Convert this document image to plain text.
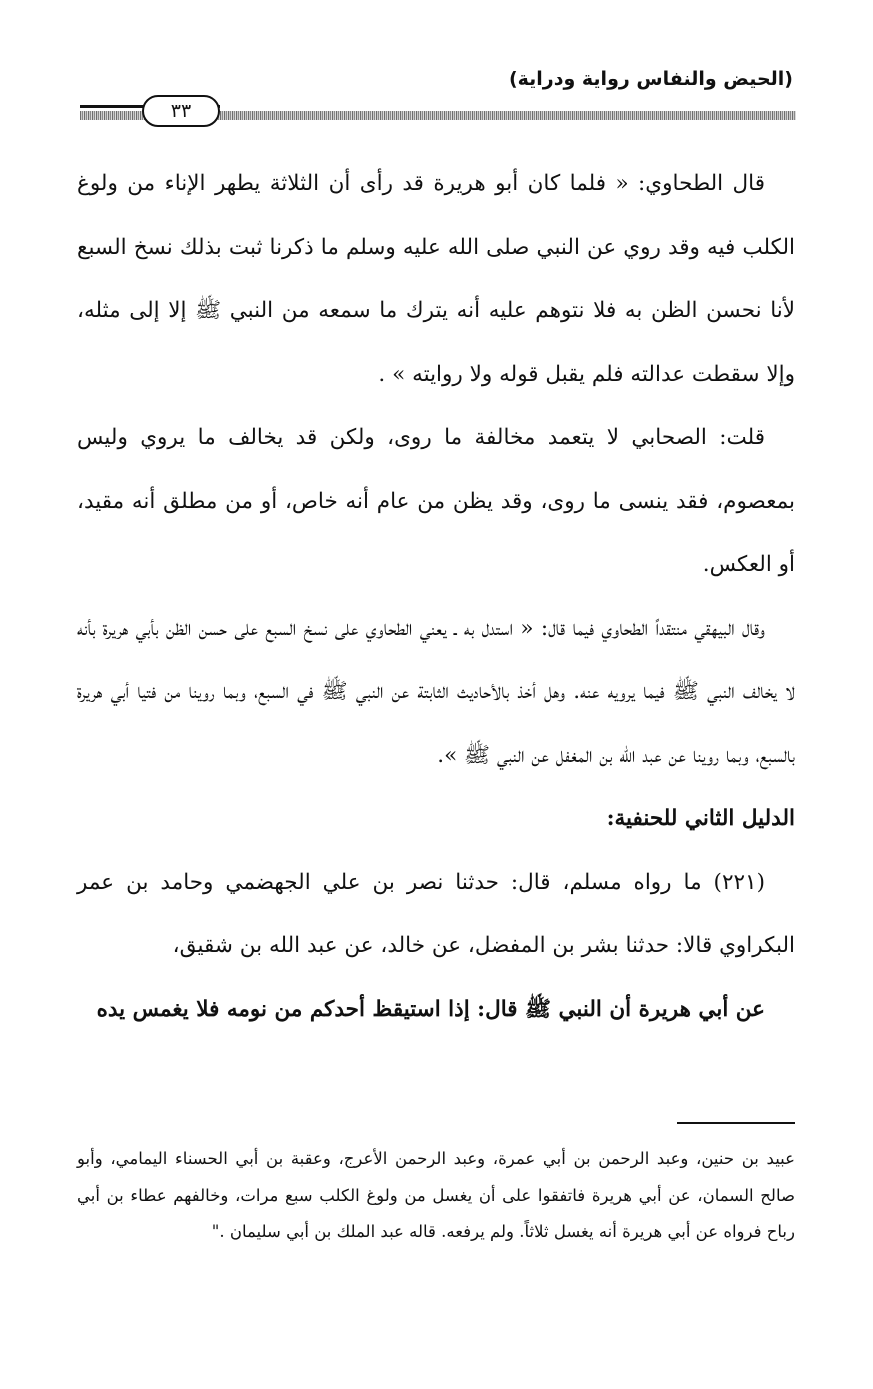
(الحيض والنفاس رواية ودراية)
٣٣

قال الطحاوي: « فلما كان أبو هريرة قد رأى أن الثلاثة يطهر الإناء من ولوغ الكلب فيه وقد روي عن النبي صلى الله عليه وسلم ما ذكرنا ثبت بذلك نسخ السبع لأنا نحسن الظن به فلا نتوهم عليه أنه يترك ما سمعه من النبي ﷺ إلا إلى مثله، وإلا سقطت عدالته فلم يقبل قوله ولا روايته » .

قلت: الصحابي لا يتعمد مخالفة ما روى، ولكن قد يخالف ما يروي وليس بمعصوم، فقد ينسى ما روى، وقد يظن من عام أنه خاص، أو من مطلق أنه مقيد، أو العكس.

وقال البيهقي منتقداً الطحاوي فيما قال: « استدل به ـ يعني الطحاوي على نسخ السبع على حسن الظن بأبي هريرة بأنه لا يخالف النبي ﷺ فيما يرويه عنه. وهل أخذ بالأحاديث الثابتة عن النبي ﷺ في السبع، وبما روينا من فتيا أبي هريرة بالسبع، وبما روينا عن عبد الله بن المغفل عن النبي ﷺ ».

الدليل الثاني للحنفية:

(٢٢١) ما رواه مسلم، قال: حدثنا نصر بن علي الجهضمي وحامد بن عمر البكراوي قالا: حدثنا بشر بن المفضل، عن خالد، عن عبد الله بن شقيق،

عن أبي هريرة أن النبي ﷺ قال: إذا استيقظ أحدكم من نومه فلا يغمس يده

عبيد بن حنين، وعبد الرحمن بن أبي عمرة، وعبد الرحمن الأعرج، وعقبة بن أبي الحسناء اليمامي، وأبو صالح السمان، عن أبي هريرة فاتفقوا على أن يغسل من ولوغ الكلب سبع مرات، وخالفهم عطاء بن أبي رباح فرواه عن أبي هريرة أنه يغسل ثلاثاً. ولم يرفعه. قاله عبد الملك بن أبي سليمان ."
